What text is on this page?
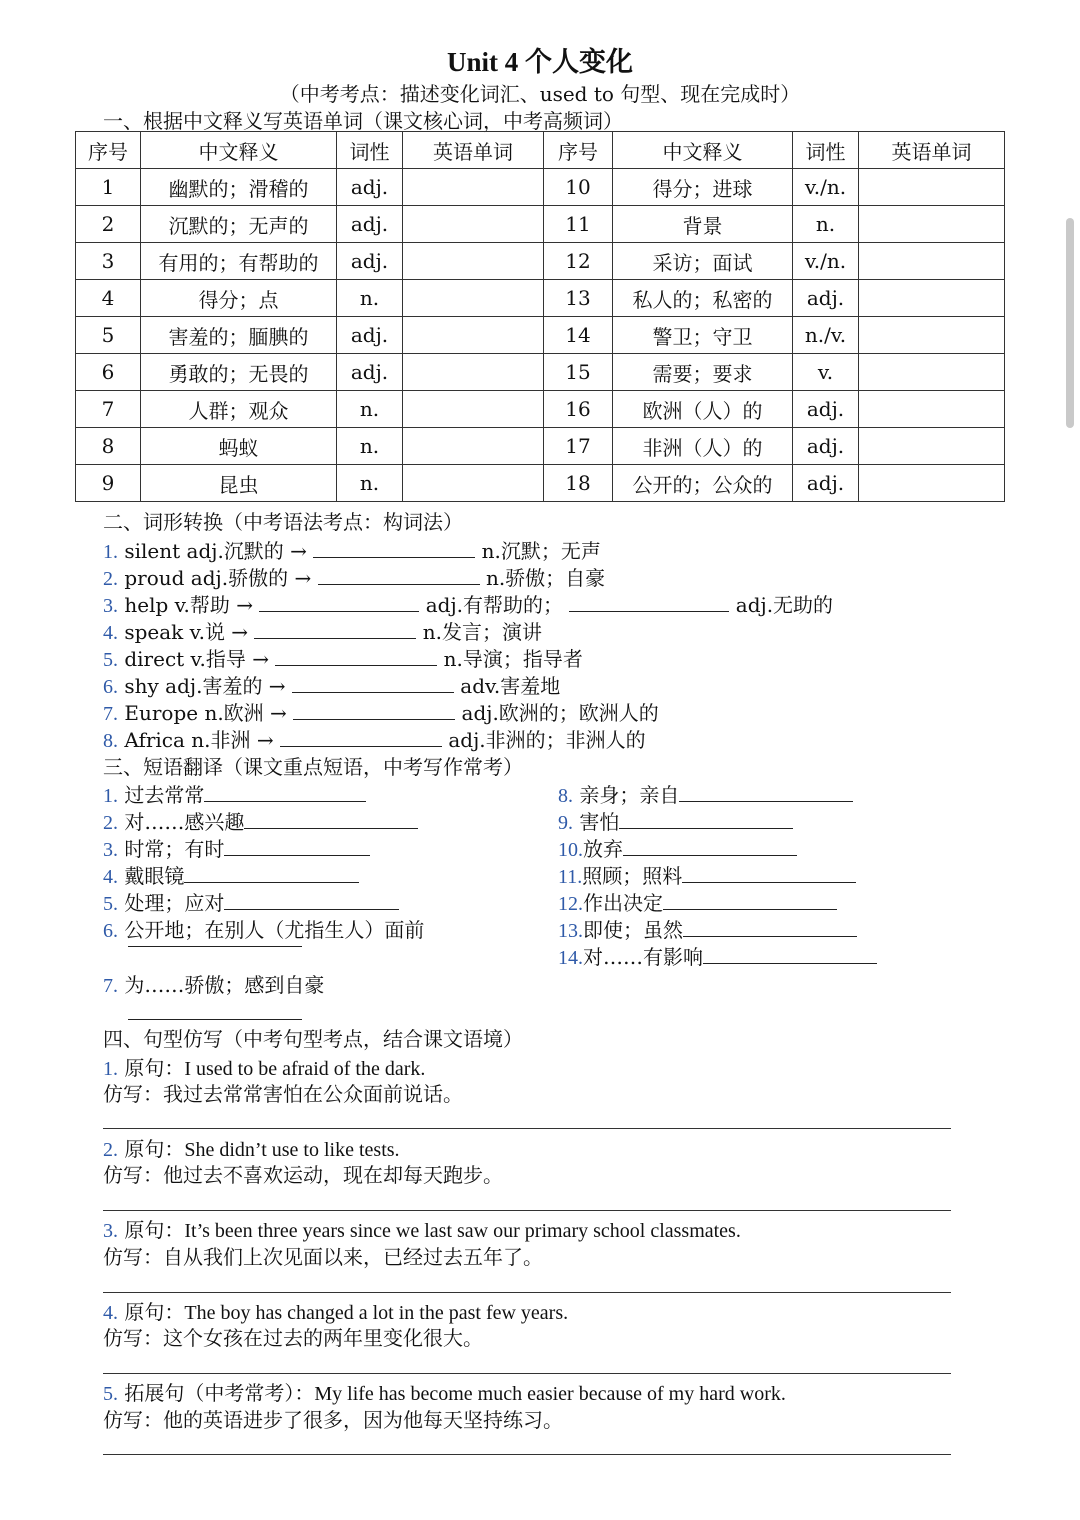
Unit 4 个人变化
（中考考点：描述变化词汇、used to 句型、现在完成时）
一、根据中文释义写英语单词（课文核心词，中考高频词）
序号	中文释义	词性	英语单词	序号	中文释义	词性	英语单词
1	幽默的；滑稽的	adj.		10	得分；进球	v./n.	
2	沉默的；无声的	adj.		11	背景	n.	
3	有用的；有帮助的	adj.		12	采访；面试	v./n.	
4	得分；点	n.		13	私人的；私密的	adj.	
5	害羞的；腼腆的	adj.		14	警卫；守卫	n./v.	
6	勇敢的；无畏的	adj.		15	需要；要求	v.	
7	人群；观众	n.		16	欧洲（人）的	adj.	
8	蚂蚁	n.		17	非洲（人）的	adj.	
9	昆虫	n.		18	公开的；公众的	adj.	
二、词形转换（中考语法考点：构词法）
1. silent adj.沉默的 →	n.沉默；无声
2. proud adj.骄傲的 →	n.骄傲；自豪
3. help v.帮助 →	adj.有帮助的；	adj.无助的
4. speak v.说 →	n.发言；演讲
5. direct v.指导 →	n.导演；指导者
6. shy adj.害羞的 →	adv.害羞地
7. Europe n.欧洲 →	adj.欧洲的；欧洲人的
8. Africa n.非洲 →	adj.非洲的；非洲人的
三、短语翻译（课文重点短语，中考写作常考）
1. 过去常常
2. 对……感兴趣
3. 时常；有时
4. 戴眼镜
5. 处理；应对
6. 公开地；在别人（尤指生人）面前
7. 为……骄傲；感到自豪
8. 亲身；亲自
9. 害怕
10.放弃
11.照顾；照料
12.作出决定
13.即使；虽然
14.对……有影响
四、句型仿写（中考句型考点，结合课文语境）
1. 原句：I used to be afraid of the dark.
仿写：我过去常常害怕在公众面前说话。
2. 原句：She didn’t use to like tests.
仿写：他过去不喜欢运动，现在却每天跑步。
3. 原句：It’s been three years since we last saw our primary school classmates.
仿写：自从我们上次见面以来，已经过去五年了。
4. 原句：The boy has changed a lot in the past few years.
仿写：这个女孩在过去的两年里变化很大。
5. 拓展句（中考常考）：My life has become much easier because of my hard work.
仿写：他的英语进步了很多，因为他每天坚持练习。
